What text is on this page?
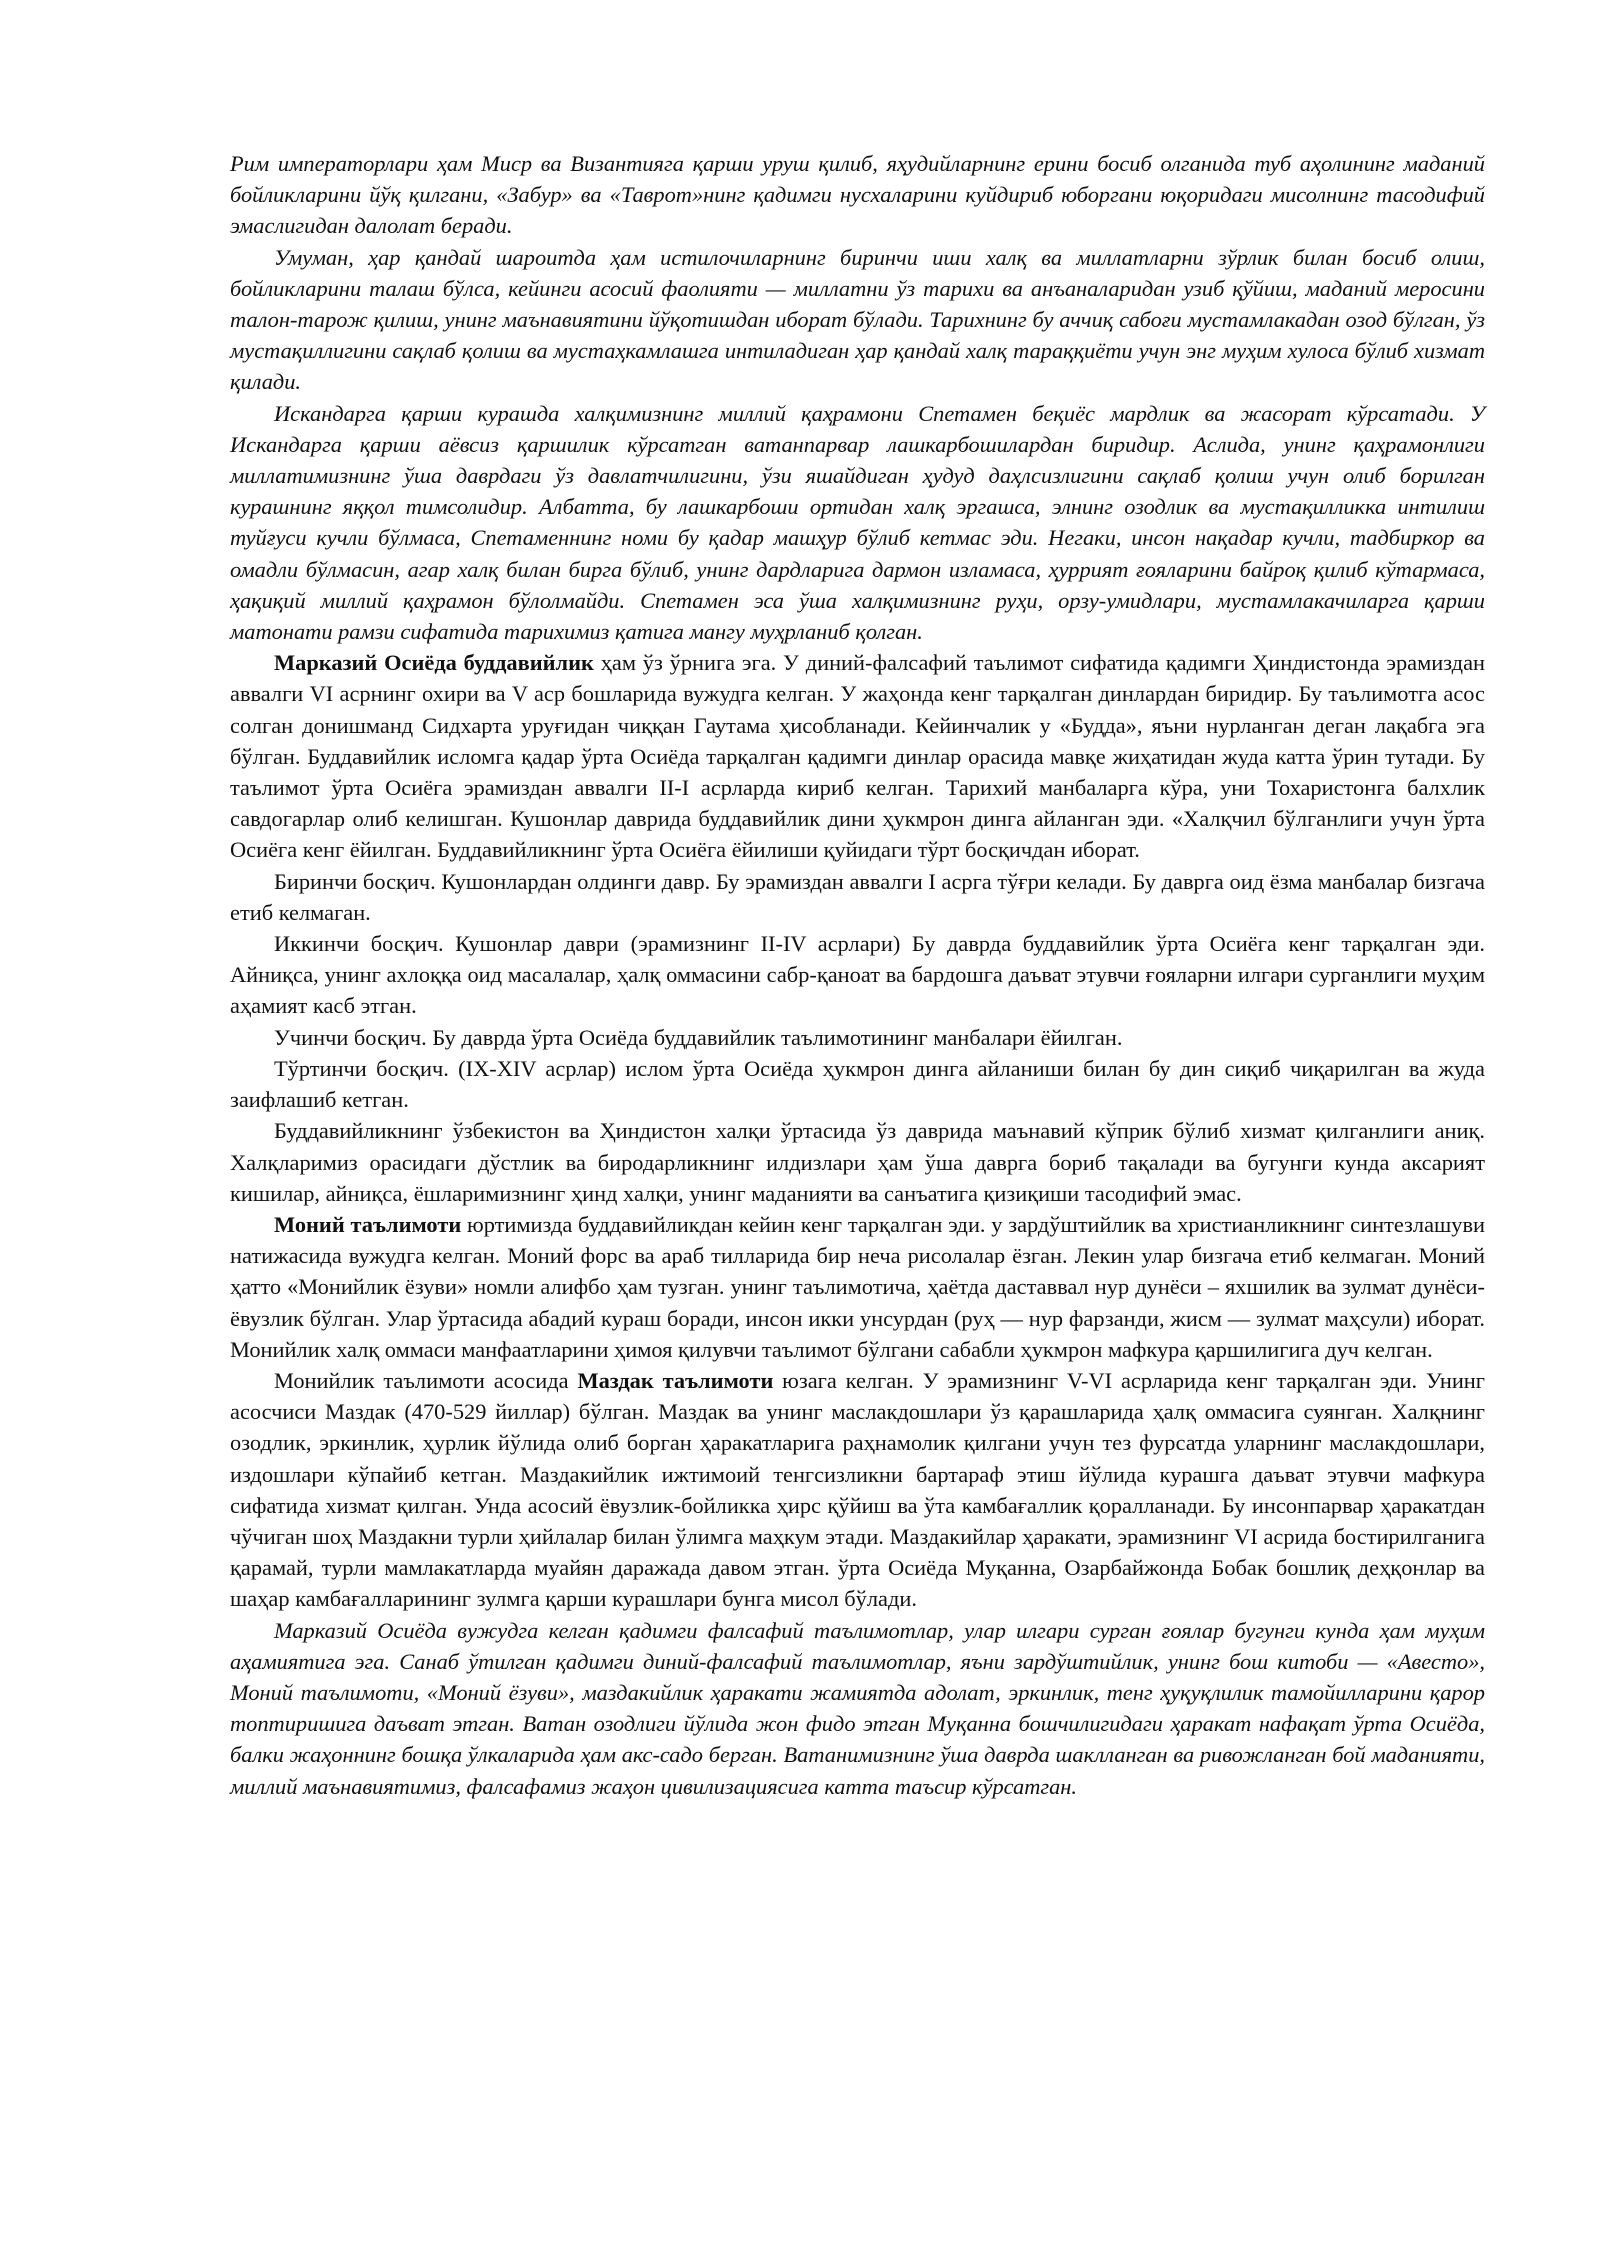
Рим императорлари ҳам Миср ва Византияга қарши уруш қилиб, яҳудийларнинг ерини босиб олганида туб аҳолининг маданий бойликларини йўқ қилгани, «Забур» ва «Таврот»нинг қадимги нусхаларини куйдириб юборгани юқоридаги мисолнинг тасодифий эмаслигидан далолат беради.

Умуман, ҳар қандай шароитда ҳам истилочиларнинг биринчи иши халқ ва миллатларни зўрлик билан босиб олиш, бойликларини талаш бўлса, кейинги асосий фаолияти — миллатни ўз тарихи ва анъаналаридан узиб қўйиш, маданий меросини талон-тарож қилиш, унинг маънавиятини йўқотишдан иборат бўлади. Тарихнинг бу аччиқ сабоғи мустамлакадан озод бўлган, ўз мустақиллигини сақлаб қолиш ва мустаҳкамлашга интиладиган ҳар қандай халқ тараққиёти учун энг муҳим хулоса бўлиб хизмат қилади.

Искандарга қарши курашда халқимизнинг миллий қаҳрамони Спетамен беқиёс мардлик ва жасорат кўрсатади. У Искандарга қарши аёвсиз қаршилик кўрсатган ватанпарвар лашкарбошилардан биридир. Аслида, унинг қаҳрамонлиги миллатимизнинг ўша даврдаги ўз давлатчилигини, ўзи яшайдиган ҳудуд даҳлсизлигини сақлаб қолиш учун олиб борилган курашнинг яққол тимсолидир. Албатта, бу лашкарбоши ортидан халқ эргашса, элнинг озодлик ва мустақилликка интилиш туйғуси кучли бўлмаса, Спетаменнинг номи бу қадар машҳур бўлиб кетмас эди. Негаки, инсон нақадар кучли, тадбиркор ва омадли бўлмасин, агар халқ билан бирга бўлиб, унинг дардларига дармон изламаса, ҳуррият ғояларини байроқ қилиб кўтармаса, ҳақиқий миллий қаҳрамон бўлолмайди. Спетамен эса ўша халқимизнинг руҳи, орзу-умидлари, мустамлакачиларга қарши матонати рамзи сифатида тарихимиз қатига мангу муҳрланиб қолган.

Марказий Осиёда буддавийлик ҳам ўз ўрнига эга. У диний-фалсафий таълимот сифатида қадимги Ҳиндистонда эрамиздан аввалги VI асрнинг охири ва V аср бошларида вужудга келган. У жаҳонда кенг тарқалган динлардан биридир. Бу таълимотга асос солган донишманд Сидхарта уруғидан чиққан Гаутама ҳисобланади. Кейинчалик у «Будда», яъни нурланган деган лақабга эга бўлган. Буддавийлик исломга қадар ўрта Осиёда тарқалган қадимги динлар орасида мавқе жиҳатидан жуда катта ўрин тутади. Бу таълимот ўрта Осиёга эрамиздан аввалги II-I асрларда кириб келган. Тарихий манбаларга кўра, уни Тохаристонга балхлик савдогарлар олиб келишган. Кушонлар даврида буддавийлик дини ҳукмрон динга айланган эди. «Халқчил бўлганлиги учун ўрта Осиёга кенг ёйилган. Буддавийликнинг ўрта Осиёга ёйилиши қуйидаги тўрт босқичдан иборат.

Биринчи босқич. Кушонлардан олдинги давр. Бу эрамиздан аввалги I асрга тўғри келади. Бу даврга оид ёзма манбалар бизгача етиб келмаган.

Иккинчи босқич. Кушонлар даври (эрамизнинг II-IV асрлари) Бу даврда буддавийлик ўрта Осиёга кенг тарқалган эди. Айниқса, унинг ахлоққа оид масалалар, ҳалқ оммасини сабр-қаноат ва бардошга даъват этувчи ғояларни илгари сурганлиги муҳим аҳамият касб этган.

Учинчи босқич. Бу даврда ўрта Осиёда буддавийлик таълимотининг манбалари ёйилган.

Тўртинчи босқич. (IX-XIV асрлар) ислом ўрта Осиёда ҳукмрон динга айланиши билан бу дин сиқиб чиқарилган ва жуда заифлашиб кетган.

Буддавийликнинг ўзбекистон ва Ҳиндистон халқи ўртасида ўз даврида маънавий кўприк бўлиб хизмат қилганлиги аниқ. Халқларимиз орасидаги дўстлик ва биродарликнинг илдизлари ҳам ўша даврга бориб тақалади ва бугунги кунда аксарият кишилар, айниқса, ёшларимизнинг ҳинд халқи, унинг маданияти ва санъатига қизиқиши тасодифий эмас.

Моний таълимоти юртимизда буддавийликдан кейин кенг тарқалган эди. у зардўштийлик ва христианликнинг синтезлашуви натижасида вужудга келган. Моний форс ва араб тилларида бир неча рисолалар ёзган. Лекин улар бизгача етиб келмаган. Моний ҳатто «Монийлик ёзуви» номли алифбо ҳам тузган. унинг таълимотича, ҳаётда даставвал нур дунёси – яхшилик ва зулмат дунёси- ёвузлик бўлган. Улар ўртасида абадий кураш боради, инсон икки унсурдан (руҳ — нур фарзанди, жисм — зулмат маҳсули) иборат. Монийлик халқ оммаси манфаатларини ҳимоя қилувчи таълимот бўлгани сабабли ҳукмрон мафкура қаршилигига дуч келган.

Монийлик таълимоти асосида Маздак таълимоти юзага келган. У эрамизнинг V-VI асрларида кенг тарқалган эди. Унинг асосчиси Маздак (470-529 йиллар) бўлган. Маздак ва унинг маслакдошлари ўз қарашларида ҳалқ оммасига суянган. Халқнинг озодлик, эркинлик, ҳурлик йўлида олиб борган ҳаракатларига раҳнамолик қилгани учун тез фурсатда уларнинг маслакдошлари, издошлари кўпайиб кетган. Маздакийлик ижтимоий тенгсизликни бартараф этиш йўлида курашга даъват этувчи мафкура сифатида хизмат қилган. Унда асосий ёвузлик-бойликка ҳирс қўйиш ва ўта камбағаллик қоралланади. Бу инсонпарвар ҳаракатдан чўчиган шоҳ Маздакни турли ҳийлалар билан ўлимга маҳкум этади. Маздакийлар ҳаракати, эрамизнинг VI асрида бостирилганига қарамай, турли мамлакатларда муайян даражада давом этган. ўрта Осиёда Муқанна, Озарбайжонда Бобак бошлиқ деҳқонлар ва шаҳар камбағалларининг зулмга қарши курашлари бунга мисол бўлади.

Марказий Осиёда вужудга келган қадимги фалсафий таълимотлар, улар илгари сурган ғоялар бугунги кунда ҳам муҳим аҳамиятига эга. Санаб ўтилган қадимги диний-фалсафий таълимотлар, яъни зардўштийлик, унинг бош китоби — «Авесто», Моний таълимоти, «Моний ёзуви», маздакийлик ҳаракати жамиятда адолат, эркинлик, тенг ҳуқуқлилик тамойилларини қарор топтиришига даъват этган. Ватан озодлиги йўлида жон фидо этган Муқанна бошчилигидаги ҳаракат нафақат ўрта Осиёда, балки жаҳоннинг бошқа ўлкаларида ҳам акс-садо берган. Ватанимизнинг ўша даврда шаклланган ва ривожланган бой маданияти, миллий маънавиятимиз, фалсафамиз жаҳон цивилизациясига катта таъсир кўрсатган.
